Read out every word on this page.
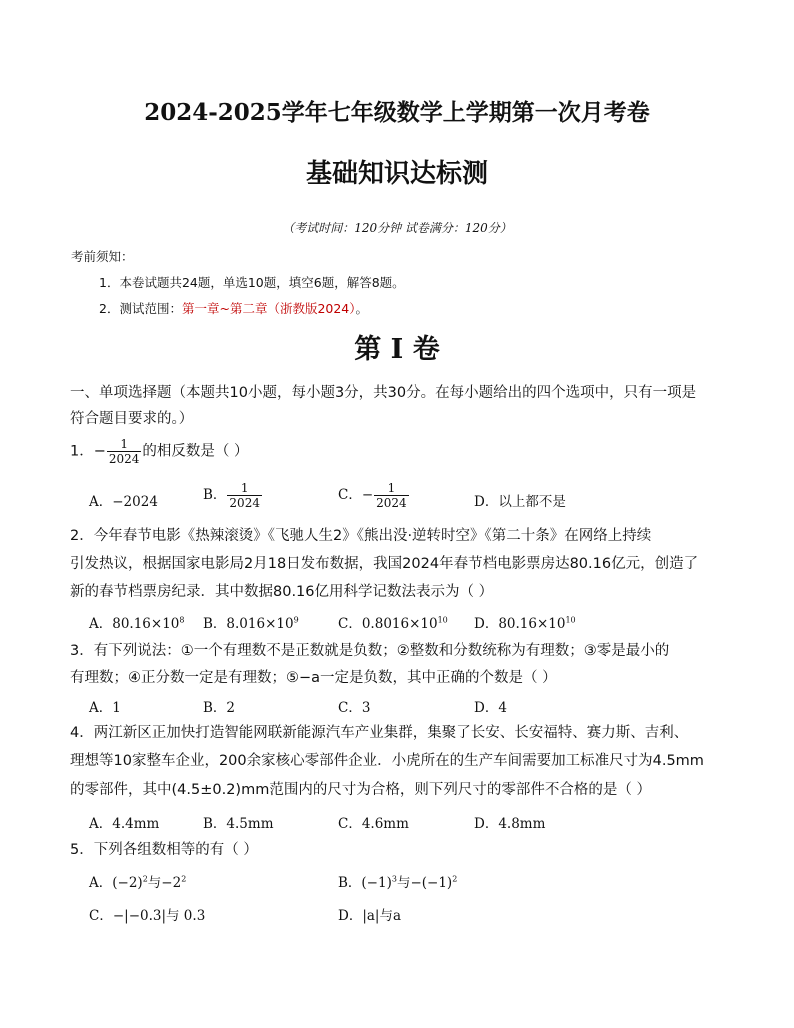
2024-2025学年七年级数学上学期第一次月考卷
基础知识达标测
（考试时间：120分钟 试卷满分：120分）
考前须知：
1．本卷试题共24题，单选10题，填空6题，解答8题。
2．测试范围：第一章~第二章（浙教版2024）。
第 I 卷
一、单项选择题（本题共10小题，每小题3分，共30分。在每小题给出的四个选项中，只有一项是
符合题目要求的。）
1．− $\frac{1}{2024}$ 的相反数是（ ）
A．−2024	B． $\frac{1}{2024}$	C．− $\frac{1}{2024}$	D．以上都不是
2．今年春节电影《热辣滚烫》《飞驰人生2》《熊出没·逆转时空》《第二十条》在网络上持续
引发热议，根据国家电影局2月18日发布数据，我国2024年春节档电影票房达80.16亿元，创造了
新的春节档票房纪录．其中数据80.16亿用科学记数法表示为（ ）
A．$80.16\times 10^8$ B．$8.016\times 10^9$	C．$0.8016\times 10^{10}$ D．$80.16\times 10^{10}$
3．有下列说法：①一个有理数不是正数就是负数；②整数和分数统称为有理数；③零是最小的
有理数；④正分数一定是有理数；⑤−a一定是负数，其中正确的个数是（ ）
A．1	B．2	C．3	D．4
4．两江新区正加快打造智能网联新能源汽车产业集群，集聚了长安、长安福特、赛力斯、吉利、
理想等10家整车企业，200余家核心零部件企业．小虎所在的生产车间需要加工标准尺寸为4.5mm
的零部件，其中(4.5±0.2)mm范围内的尺寸为合格，则下列尺寸的零部件不合格的是（ ）
A．4.4mm	B．4.5mm	C．4.6mm	D．4.8mm
5．下列各组数相等的有（ ）
A．$(-2)^2$与$-2^2$	B．$(-1)^3$与$-(-1)^2$
C．−|−0.3|与 0.3	D．|a|与a
